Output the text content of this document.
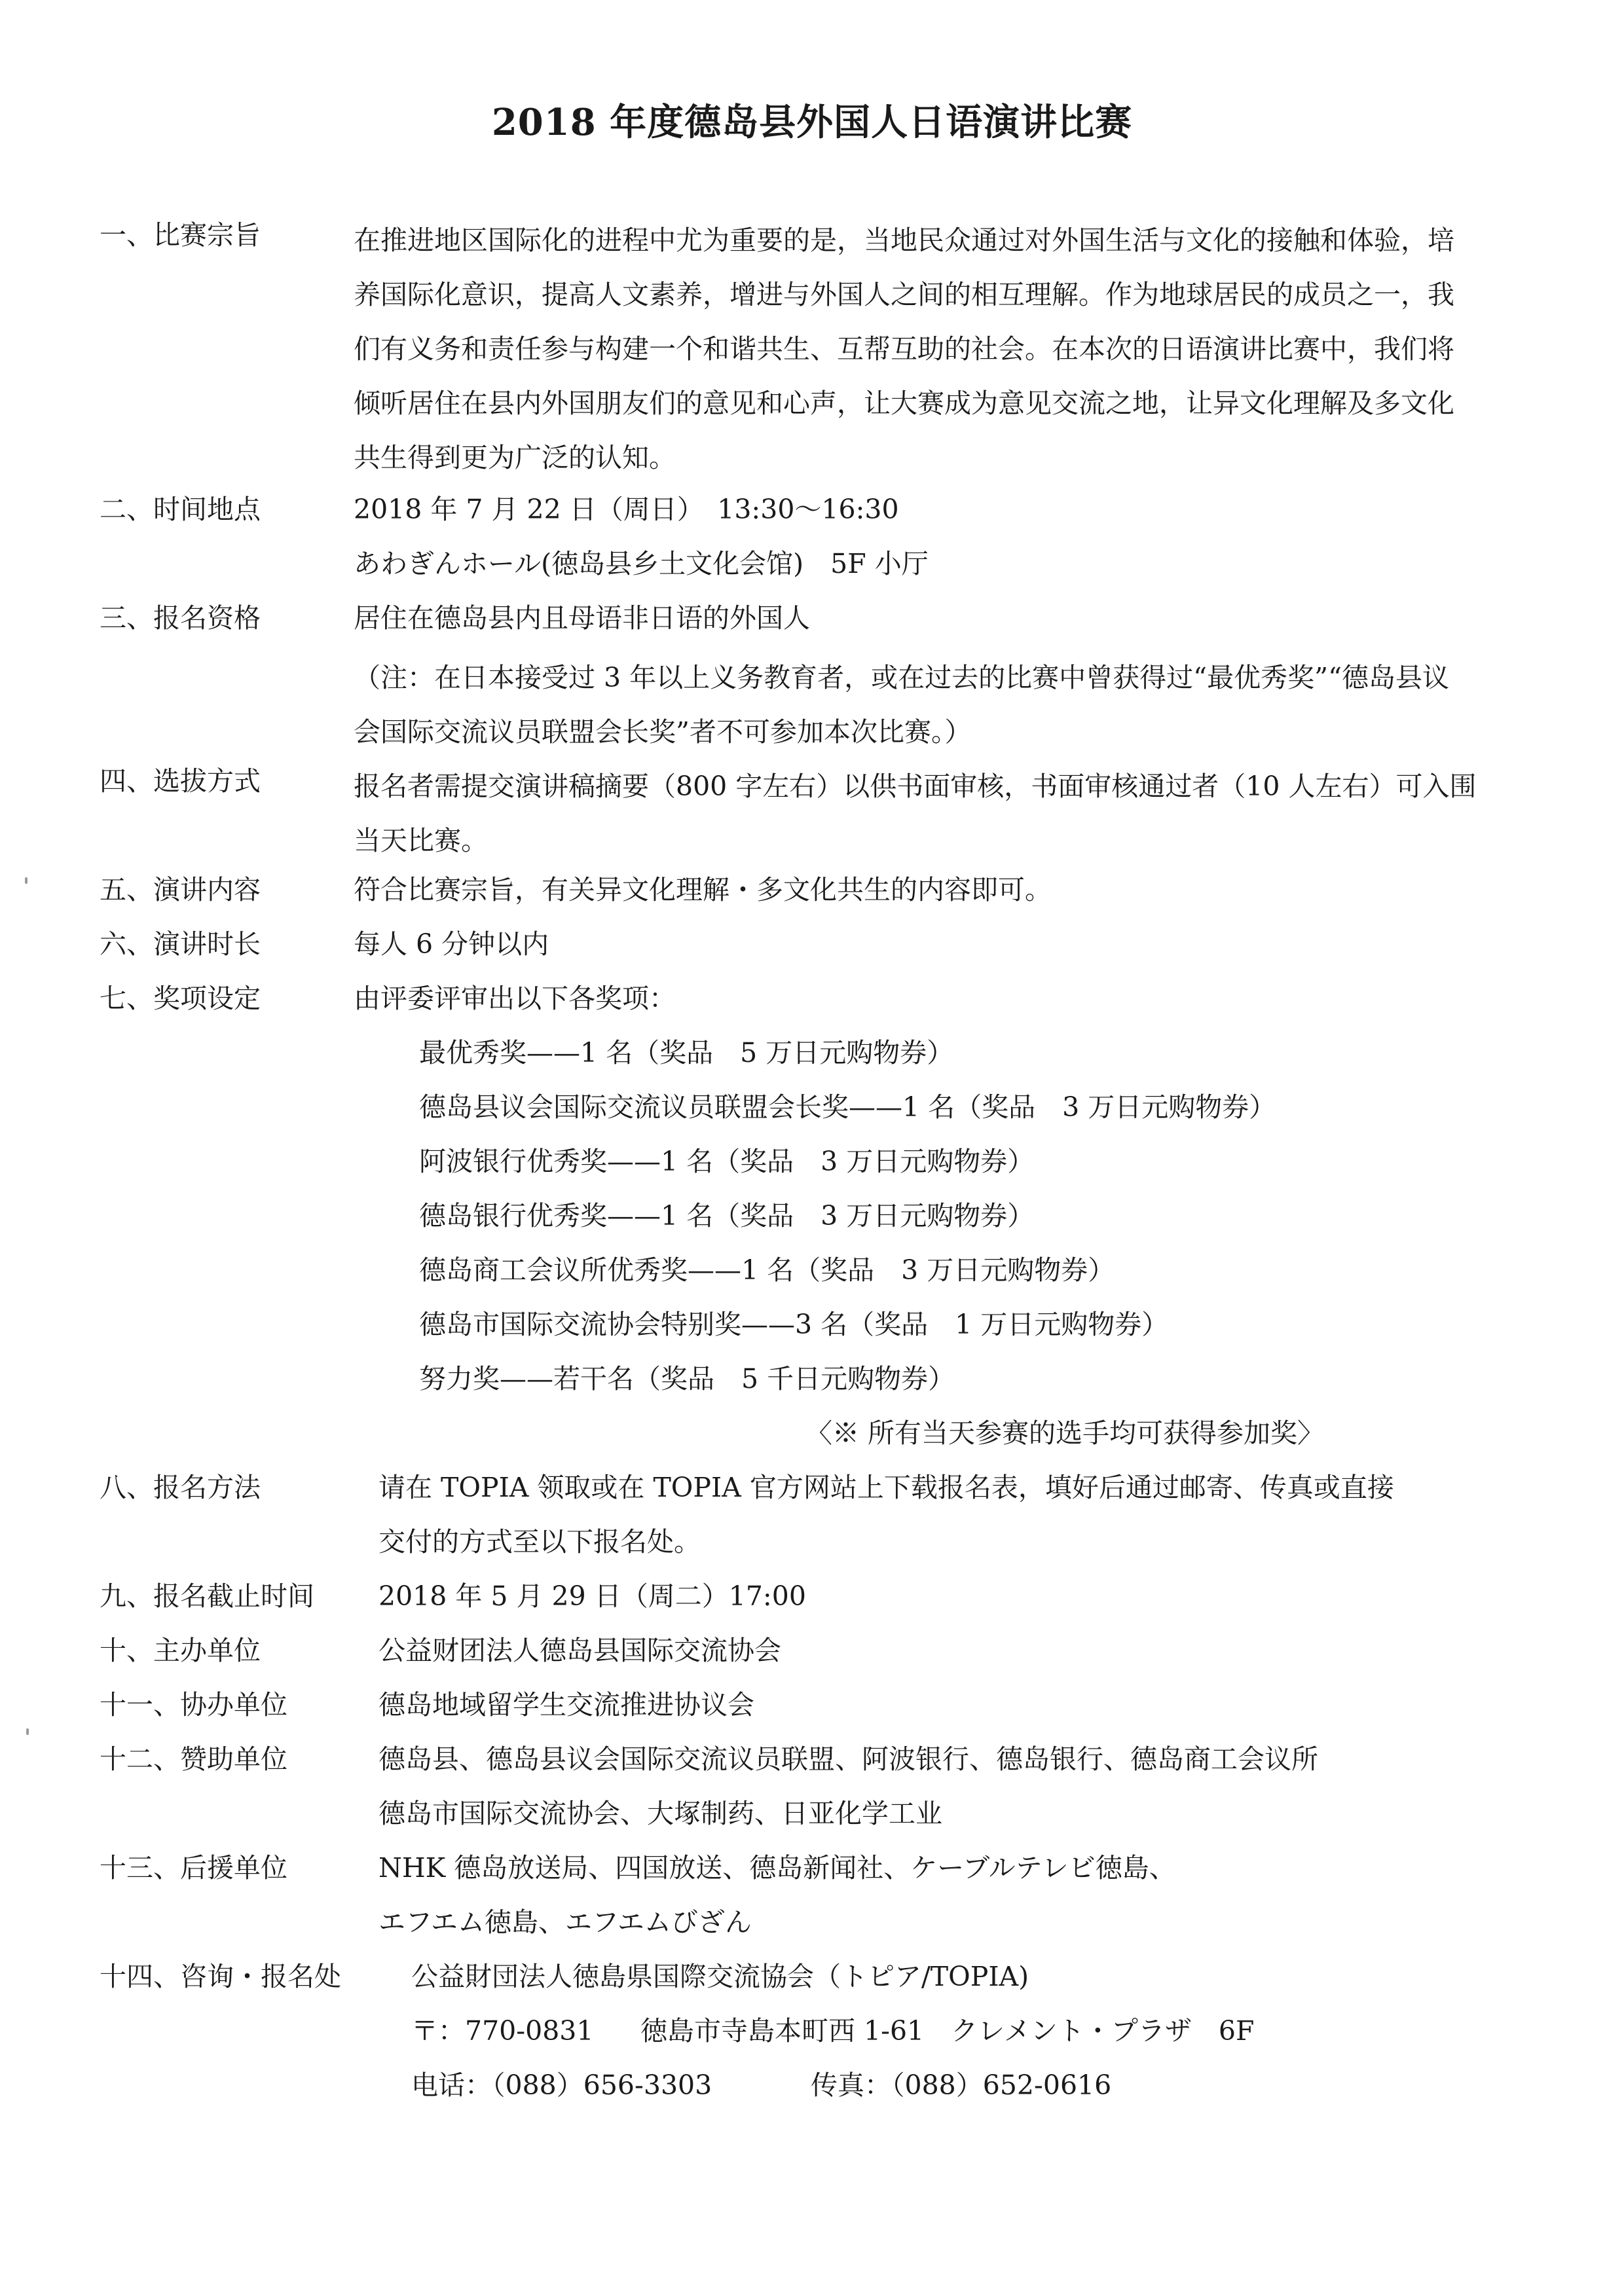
2018 年度德岛县外国人日语演讲比赛
一、比赛宗旨	在推进地区国际化的进程中尤为重要的是，当地民众通过对外国生活与文化的接触和体验，培
养国际化意识，提高人文素养，增进与外国人之间的相互理解。作为地球居民的成员之一，我
们有义务和责任参与构建一个和谐共生、互帮互助的社会。在本次的日语演讲比赛中，我们将
倾听居住在县内外国朋友们的意见和心声，让大赛成为意见交流之地，让异文化理解及多文化
共生得到更为广泛的认知。
二、时间地点	2018 年 7 月 22 日（周日）　13:30～16:30
あわぎんホール(徳岛县乡土文化会馆)　5F 小厅
三、报名资格	居住在德岛县内且母语非日语的外国人
（注：在日本接受过 3 年以上义务教育者，或在过去的比赛中曾获得过“最优秀奖”“德岛县议
会国际交流议员联盟会长奖”者不可参加本次比赛。）
四、选拔方式	报名者需提交演讲稿摘要（800 字左右）以供书面审核，书面审核通过者（10 人左右）可入围
当天比赛。
五、演讲内容	符合比赛宗旨，有关异文化理解・多文化共生的内容即可。
六、演讲时长	每人 6 分钟以内
七、奖项设定	由评委评审出以下各奖项：
最优秀奖——1 名（奖品　5 万日元购物券）
德岛县议会国际交流议员联盟会长奖——1 名（奖品　3 万日元购物券）
阿波银行优秀奖——1 名（奖品　3 万日元购物券）
德岛银行优秀奖——1 名（奖品　3 万日元购物券）
德岛商工会议所优秀奖——1 名（奖品　3 万日元购物券）
德岛市国际交流协会特别奖——3 名（奖品　1 万日元购物券）
努力奖——若干名（奖品　5 千日元购物券）
〈※ 所有当天参赛的选手均可获得参加奖〉
八、报名方法	请在 TOPIA 领取或在 TOPIA 官方网站上下载报名表，填好后通过邮寄、传真或直接
交付的方式至以下报名处。
九、报名截止时间 2018 年 5 月 29 日（周二）17:00
十、主办单位	公益财团法人德岛县国际交流协会
十一、协办单位	德岛地域留学生交流推进协议会
十二、赞助单位	德岛县、德岛县议会国际交流议员联盟、阿波银行、德岛银行、德岛商工会议所
德岛市国际交流协会、大塚制药、日亚化学工业
十三、后援单位	NHK 德岛放送局、四国放送、德岛新闻社、ケーブルテレビ徳島、
エフエム徳島、エフエムびざん
十四、咨询・报名处	公益財団法人徳島県国際交流協会（トピア/TOPIA)
〒：770-0831 徳島市寺島本町西 1-61　クレメント・プラザ　6F
电话：（088）656-3303	传真：（088）652-0616
